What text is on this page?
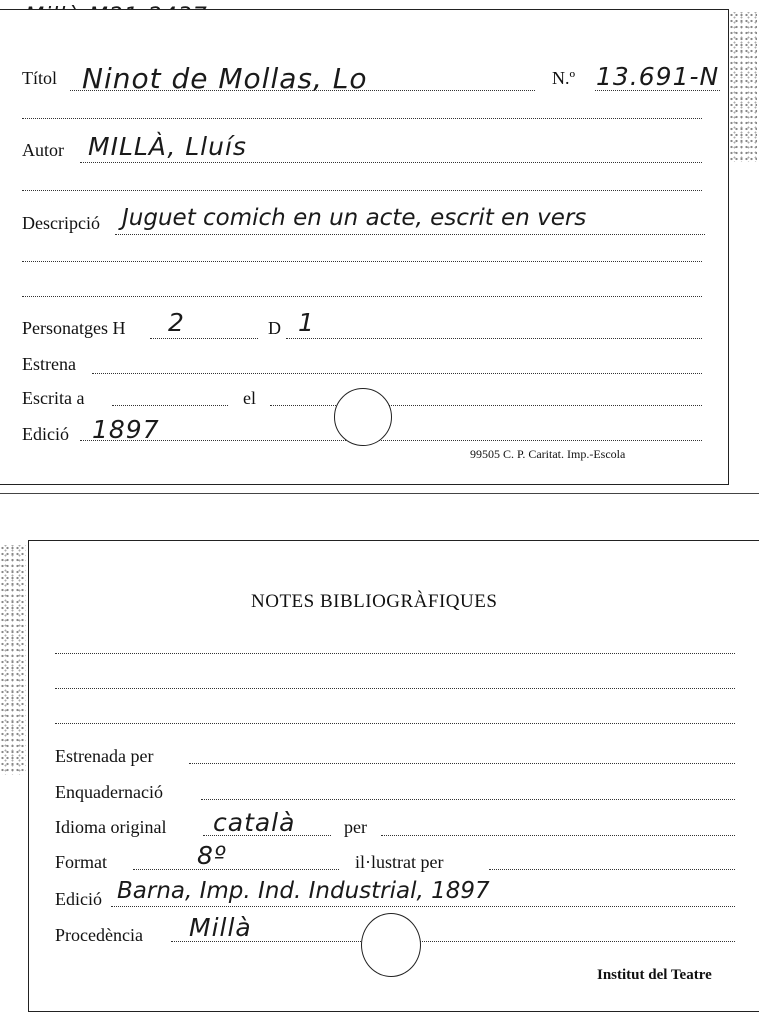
Títol Ninot de Mollas, Lo	N.º 13.691-N
Autor MILLÀ, Lluís
Descripció Juguet comich en un acte, escrit en vers
Personatges H 2	D 1
Estrena
Escrita a	el
Edició 1897
99505 C. P. Caritat. Imp.-Escola
NOTES BIBLIOGRÀFIQUES
Estrenada per
Enquadernació
Idioma original català	per
Format	8º	il·lustrat per
Edició Barna, Imp. Ind. Industrial, 1897
Procedència Millà
Institut del Teatre
